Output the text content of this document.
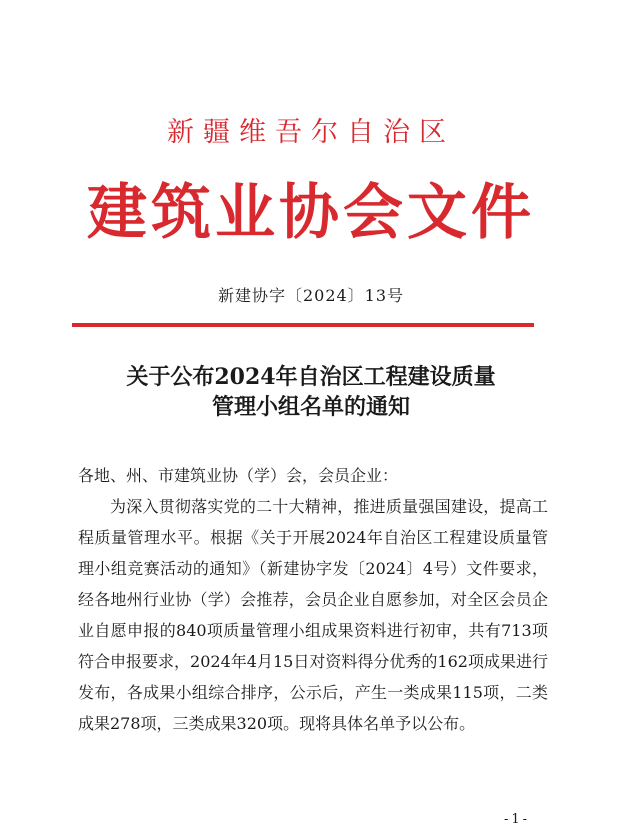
新疆维吾尔自治区
建筑业协会文件
新建协字〔2024〕13号
关于公布2024年自治区工程建设质量
管理小组名单的通知

各地、州、市建筑业协（学）会，会员企业：

为深入贯彻落实党的二十大精神，推进质量强国建设，提高工程质量管理水平。根据《关于开展2024年自治区工程建设质量管理小组竞赛活动的通知》（新建协字发〔2024〕4号）文件要求，经各地州行业协（学）会推荐，会员企业自愿参加，对全区会员企业自愿申报的840项质量管理小组成果资料进行初审，共有713项符合申报要求，2024年4月15日对资料得分优秀的162项成果进行发布，各成果小组综合排序，公示后，产生一类成果115项，二类成果278项，三类成果320项。现将具体名单予以公布。

-1-
